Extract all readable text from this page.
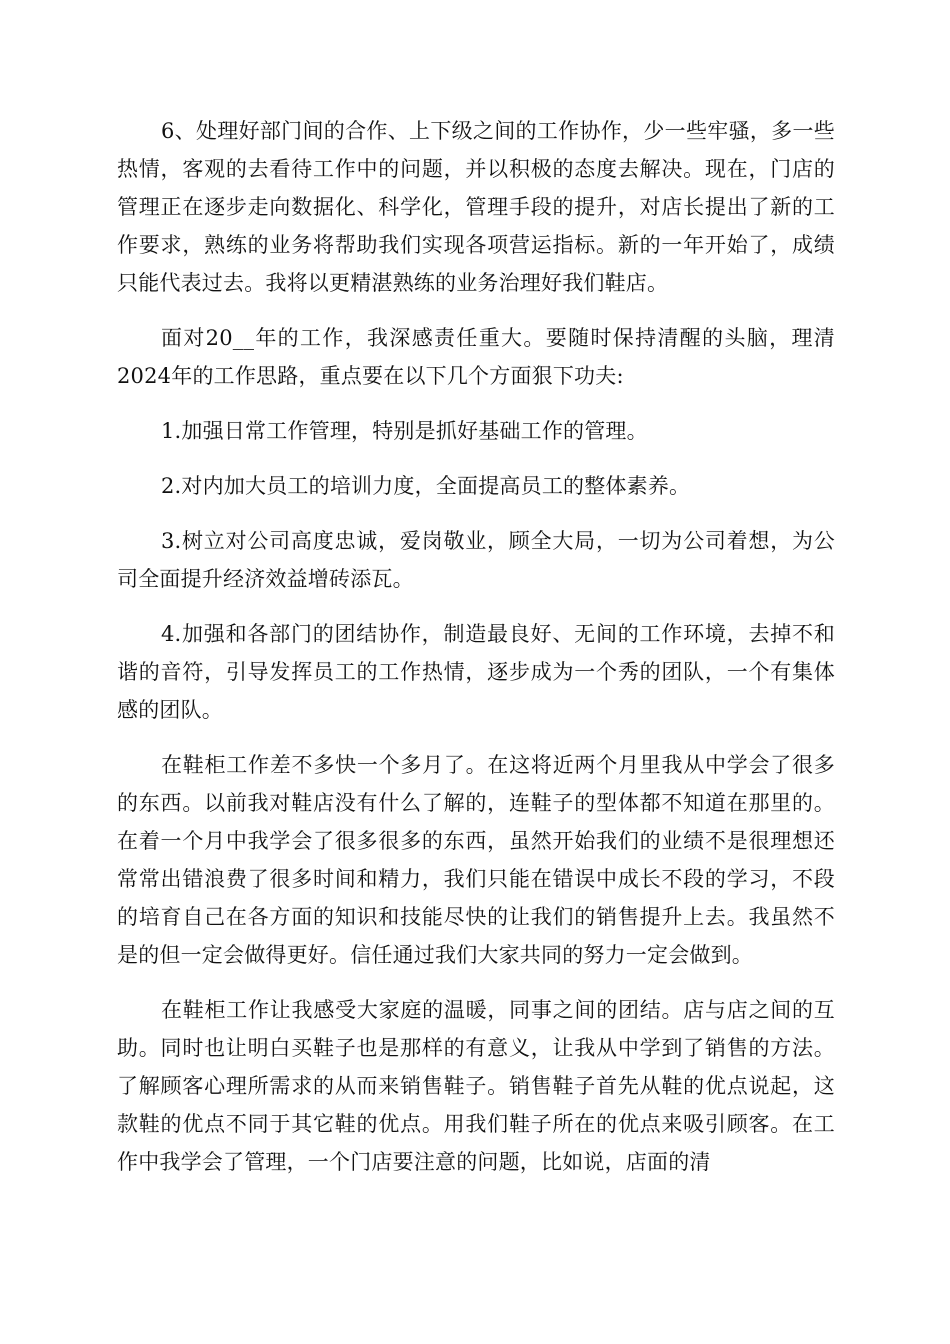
6、处理好部门间的合作、上下级之间的工作协作，少一些牢骚，多一些热情，客观的去看待工作中的问题，并以积极的态度去解决。现在，门店的管理正在逐步走向数据化、科学化，管理手段的提升，对店长提出了新的工作要求，熟练的业务将帮助我们实现各项营运指标。新的一年开始了，成绩只能代表过去。我将以更精湛熟练的业务治理好我们鞋店。

面对20__年的工作，我深感责任重大。要随时保持清醒的头脑，理清2024年的工作思路，重点要在以下几个方面狠下功夫:

1.加强日常工作管理，特别是抓好基础工作的管理。

2.对内加大员工的培训力度，全面提高员工的整体素养。

3.树立对公司高度忠诚，爱岗敬业，顾全大局，一切为公司着想，为公司全面提升经济效益增砖添瓦。

4.加强和各部门的团结协作，制造最良好、无间的工作环境，去掉不和谐的音符，引导发挥员工的工作热情，逐步成为一个秀的团队，一个有集体感的团队。

在鞋柜工作差不多快一个多月了。在这将近两个月里我从中学会了很多的东西。以前我对鞋店没有什么了解的，连鞋子的型体都不知道在那里的。在着一个月中我学会了很多很多的东西，虽然开始我们的业绩不是很理想还常常出错浪费了很多时间和精力，我们只能在错误中成长不段的学习，不段的培育自己在各方面的知识和技能尽快的让我们的销售提升上去。我虽然不是的但一定会做得更好。信任通过我们大家共同的努力一定会做到。

在鞋柜工作让我感受大家庭的温暖，同事之间的团结。店与店之间的互助。同时也让明白买鞋子也是那样的有意义，让我从中学到了销售的方法。了解顾客心理所需求的从而来销售鞋子。销售鞋子首先从鞋的优点说起，这款鞋的优点不同于其它鞋的优点。用我们鞋子所在的优点来吸引顾客。在工作中我学会了管理，一个门店要注意的问题，比如说，店面的清
